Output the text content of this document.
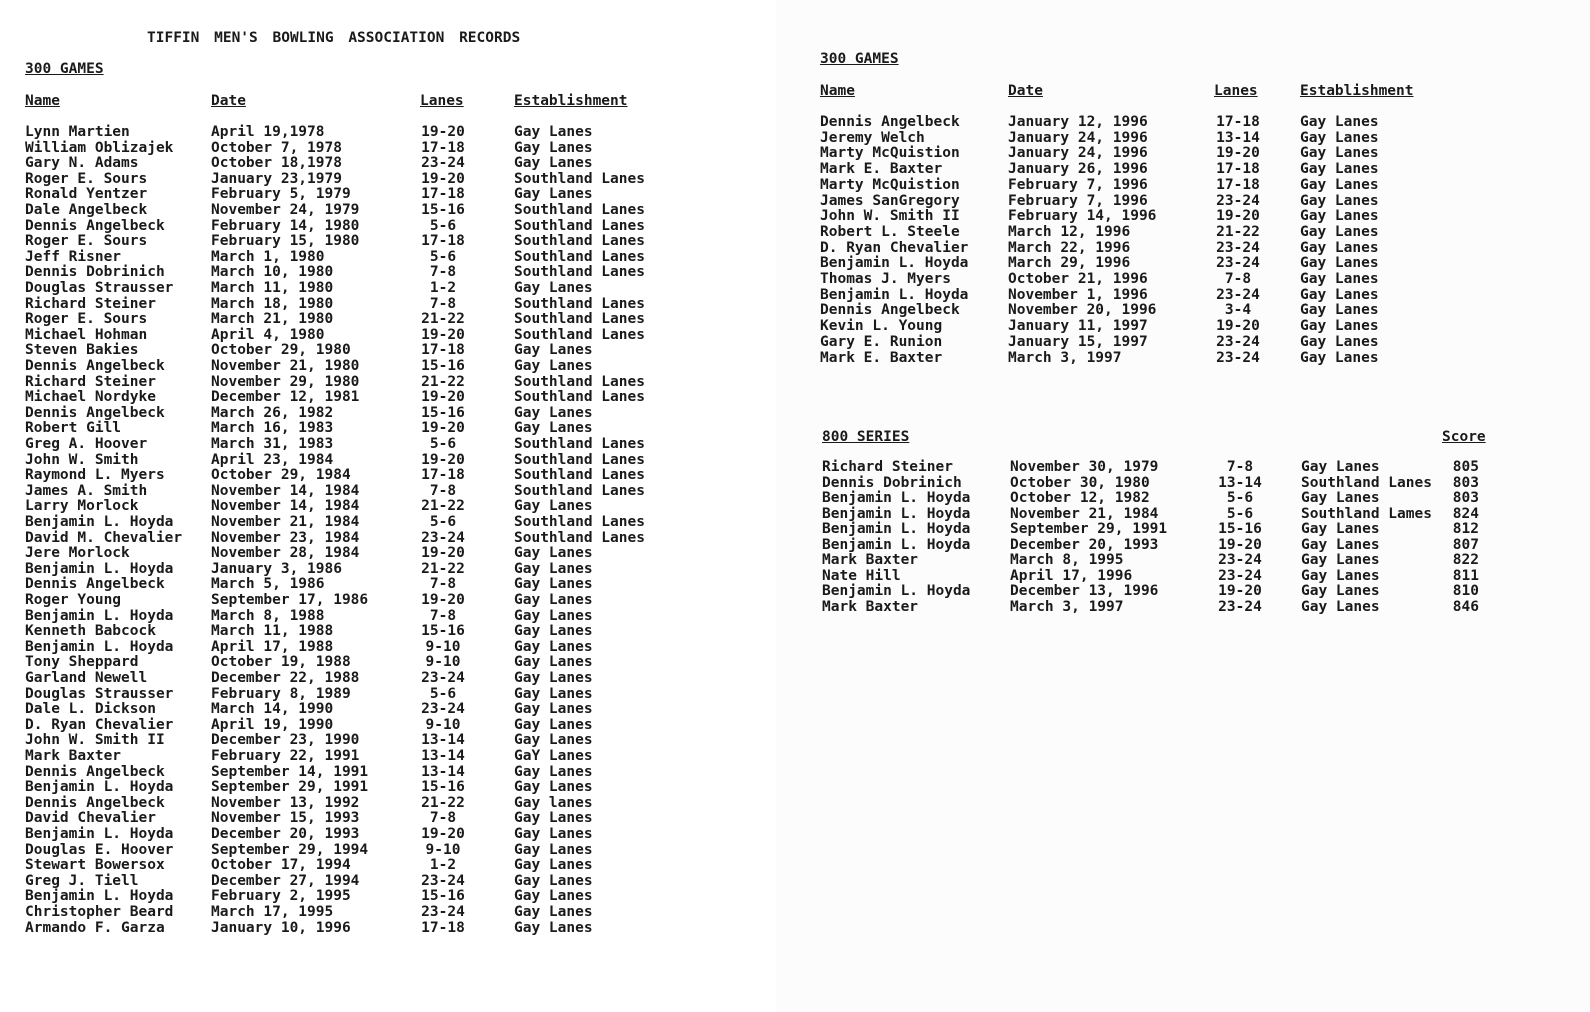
TIFFIN MEN'S BOWLING ASSOCIATION RECORDS
300 GAMES
Name	Date	Lanes	Establishment
Lynn Martien	April 19,1978	19-20	Gay Lanes
William Oblizajek	October 7, 1978	17-18	Gay Lanes
Gary N. Adams	October 18,1978	23-24	Gay Lanes
Roger E. Sours	January 23,1979	19-20	Southland Lanes
Ronald Yentzer	February 5, 1979	17-18	Gay Lanes
Dale Angelbeck	November 24, 1979	15-16	Southland Lanes
Dennis Angelbeck	February 14, 1980	5-6	Southland Lanes
Roger E. Sours	February 15, 1980	17-18	Southland Lanes
Jeff Risner	March 1, 1980	5-6	Southland Lanes
Dennis Dobrinich	March 10, 1980	7-8	Southland Lanes
Douglas Strausser	March 11, 1980	1-2	Gay Lanes
Richard Steiner	March 18, 1980	7-8	Southland Lanes
Roger E. Sours	March 21, 1980	21-22	Southland Lanes
Michael Hohman	April 4, 1980	19-20	Southland Lanes
Steven Bakies	October 29, 1980	17-18	Gay Lanes
Dennis Angelbeck	November 21, 1980	15-16	Gay Lanes
Richard Steiner	November 29, 1980	21-22	Southland Lanes
Michael Nordyke	December 12, 1981	19-20	Southland Lanes
Dennis Angelbeck	March 26, 1982	15-16	Gay Lanes
Robert Gill	March 16, 1983	19-20	Gay Lanes
Greg A. Hoover	March 31, 1983	5-6	Southland Lanes
John W. Smith	April 23, 1984	19-20	Southland Lanes
Raymond L. Myers	October 29, 1984	17-18	Southland Lanes
James A. Smith	November 14, 1984	7-8	Southland Lanes
Larry Morlock	November 14, 1984	21-22	Gay Lanes
Benjamin L. Hoyda	November 21, 1984	5-6	Southland Lanes
David M. Chevalier November 23, 1984	23-24	Southland Lanes
Jere Morlock	November 28, 1984	19-20	Gay Lanes
Benjamin L. Hoyda	January 3, 1986	21-22	Gay Lanes
Dennis Angelbeck	March 5, 1986	7-8	Gay Lanes
Roger Young	September 17, 1986	19-20	Gay Lanes
Benjamin L. Hoyda	March 8, 1988	7-8	Gay Lanes
Kenneth Babcock	March 11, 1988	15-16	Gay Lanes
Benjamin L. Hoyda	April 17, 1988	9-10	Gay Lanes
Tony Sheppard	October 19, 1988	9-10	Gay Lanes
Garland Newell	December 22, 1988	23-24	Gay Lanes
Douglas Strausser	February 8, 1989	5-6	Gay Lanes
Dale L. Dickson	March 14, 1990	23-24	Gay Lanes
D. Ryan Chevalier	April 19, 1990	9-10	Gay Lanes
John W. Smith II	December 23, 1990	13-14	Gay Lanes
Mark Baxter	February 22, 1991	13-14	GaY Lanes
Dennis Angelbeck	September 14, 1991	13-14	Gay Lanes
Benjamin L. Hoyda	September 29, 1991	15-16	Gay Lanes
Dennis Angelbeck	November 13, 1992	21-22	Gay lanes
David Chevalier	November 15, 1993	7-8	Gay Lanes
Benjamin L. Hoyda	December 20, 1993	19-20	Gay Lanes
Douglas E. Hoover	September 29, 1994	9-10	Gay Lanes
Stewart Bowersox	October 17, 1994	1-2	Gay Lanes
Greg J. Tiell	December 27, 1994	23-24	Gay Lanes
Benjamin L. Hoyda	February 2, 1995	15-16	Gay Lanes
Christopher Beard	March 17, 1995	23-24	Gay Lanes
Armando F. Garza	January 10, 1996	17-18	Gay Lanes
300 GAMES
Name	Date	Lanes	Establishment
Dennis Angelbeck	January 12, 1996	17-18	Gay Lanes
Jeremy Welch	January 24, 1996	13-14	Gay Lanes
Marty McQuistion	January 24, 1996	19-20	Gay Lanes
Mark E. Baxter	January 26, 1996	17-18	Gay Lanes
Marty McQuistion	February 7, 1996	17-18	Gay Lanes
James SanGregory	February 7, 1996	23-24	Gay Lanes
John W. Smith II	February 14, 1996	19-20	Gay Lanes
Robert L. Steele	March 12, 1996	21-22	Gay Lanes
D. Ryan Chevalier	March 22, 1996	23-24	Gay Lanes
Benjamin L. Hoyda	March 29, 1996	23-24	Gay Lanes
Thomas J. Myers	October 21, 1996	7-8	Gay Lanes
Benjamin L. Hoyda	November 1, 1996	23-24	Gay Lanes
Dennis Angelbeck	November 20, 1996	3-4	Gay Lanes
Kevin L. Young	January 11, 1997	19-20	Gay Lanes
Gary E. Runion	January 15, 1997	23-24	Gay Lanes
Mark E. Baxter	March 3, 1997	23-24	Gay Lanes
800 SERIES	Score
Richard Steiner	November 30, 1979	7-8	Gay Lanes	805
Dennis Dobrinich	October 30, 1980	13-14	Southland Lanes	803
Benjamin L. Hoyda	October 12, 1982	5-6	Gay Lanes	803
Benjamin L. Hoyda	November 21, 1984	5-6	Southland Lames	824
Benjamin L. Hoyda	September 29, 1991	15-16	Gay Lanes	812
Benjamin L. Hoyda	December 20, 1993	19-20	Gay Lanes	807
Mark Baxter	March 8, 1995	23-24	Gay Lanes	822
Nate Hill	April 17, 1996	23-24	Gay Lanes	811
Benjamin L. Hoyda	December 13, 1996	19-20	Gay Lanes	810
Mark Baxter	March 3, 1997	23-24	Gay Lanes	846
